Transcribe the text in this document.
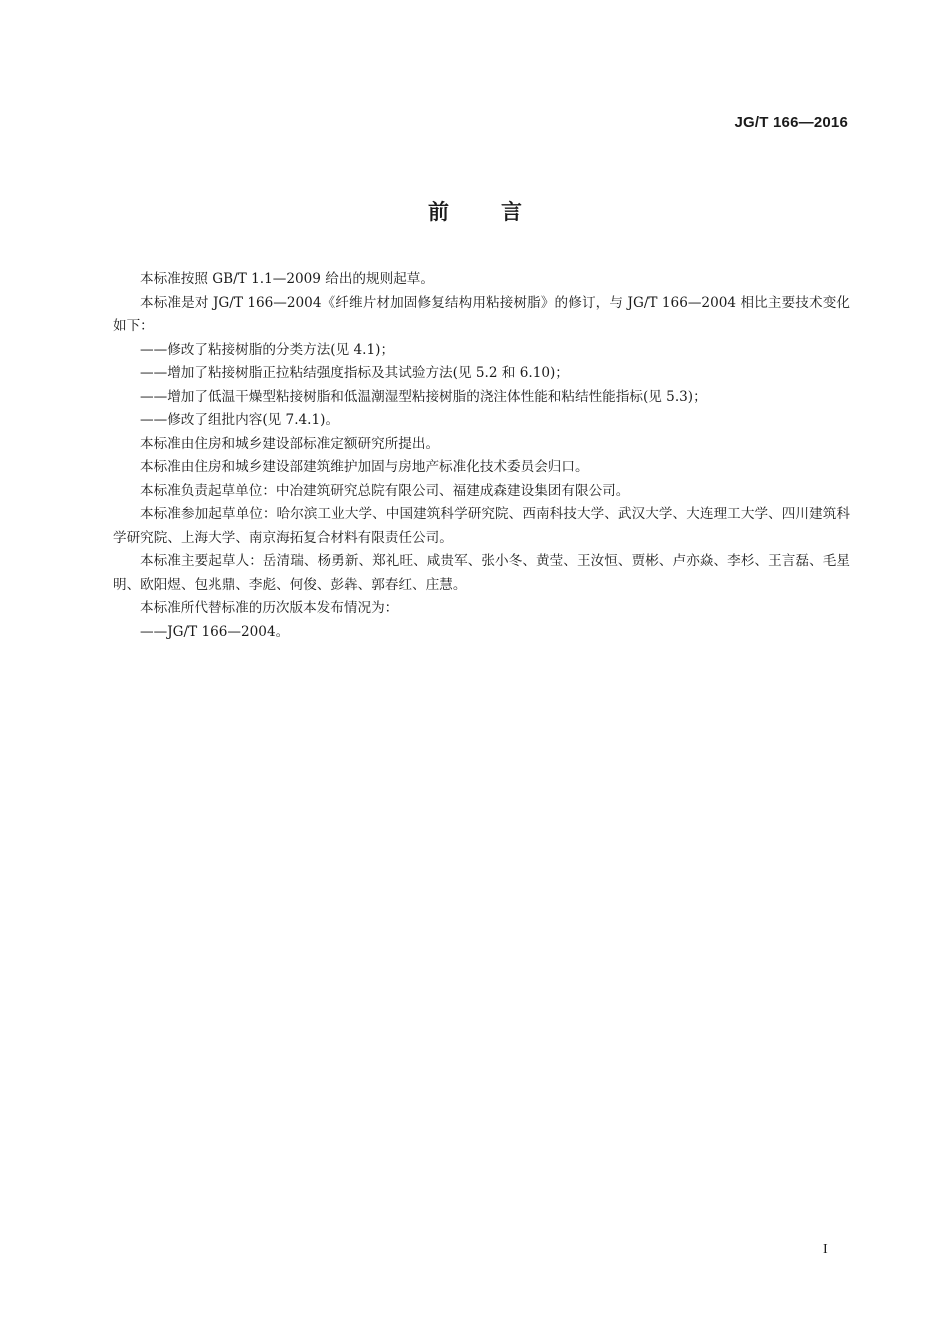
JG/T 166—2016
前言

本标准按照 GB/T 1.1—2009 给出的规则起草。

本标准是对 JG/T 166—2004《纤维片材加固修复结构用粘接树脂》的修订，与 JG/T 166—2004 相比主要技术变化如下：

——修改了粘接树脂的分类方法(见 4.1)；

——增加了粘接树脂正拉粘结强度指标及其试验方法(见 5.2 和 6.10)；

——增加了低温干燥型粘接树脂和低温潮湿型粘接树脂的浇注体性能和粘结性能指标(见 5.3)；

——修改了组批内容(见 7.4.1)。

本标准由住房和城乡建设部标准定额研究所提出。

本标准由住房和城乡建设部建筑维护加固与房地产标准化技术委员会归口。

本标准负责起草单位：中冶建筑研究总院有限公司、福建成森建设集团有限公司。

本标准参加起草单位：哈尔滨工业大学、中国建筑科学研究院、西南科技大学、武汉大学、大连理工大学、四川建筑科学研究院、上海大学、南京海拓复合材料有限责任公司。

本标准主要起草人：岳清瑞、杨勇新、郑礼旺、咸贵军、张小冬、黄莹、王汝恒、贾彬、卢亦焱、李杉、王言磊、毛星明、欧阳煜、包兆鼎、李彪、何俊、彭犇、郭春红、庄慧。

本标准所代替标准的历次版本发布情况为：

——JG/T 166—2004。

I
